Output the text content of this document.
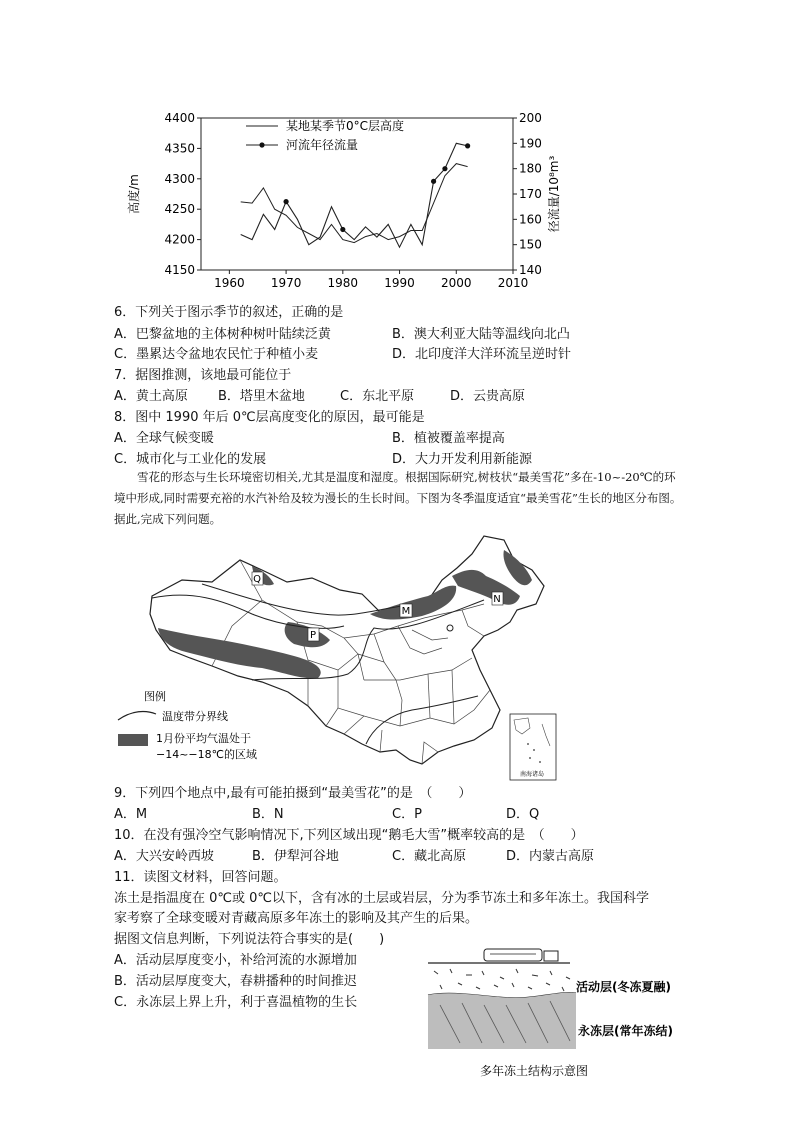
4400
4350
4300
4250
4200
4150
200
190
180
170
160
150
140
1960 1970 1980 1990 2000 2010
高度/m	径流量/10⁸m³
某地某季节0°C层高度
河流年径流量
6．下列关于图示季节的叙述，正确的是
A．巴黎盆地的主体树种树叶陆续泛黄	B．澳大利亚大陆等温线向北凸
C．墨累达令盆地农民忙于种植小麦	D．北印度洋大洋环流呈逆时针
7．据图推测，该地最可能位于
A．黄土高原 B．塔里木盆地	C．东北平原	D．云贵高原
8．图中 1990 年后 0℃层高度变化的原因，最可能是
A．全球气候变暖	B．植被覆盖率提高
C．城市化与工业化的发展	D．大力开发利用新能源
雪花的形态与生长环境密切相关,尤其是温度和湿度。根据国际研究,树枝状“最美雪花”多在-10~-20℃的环境中形成,同时需要充裕的水汽补给及较为漫长的生长时间。下图为冬季温度适宜“最美雪花”生长的地区分布图。据此,完成下列问题。
M
N
P
Q
图例
温度带分界线
1月份平均气温处于
−14~−18℃的区域
南海诸岛
9．下列四个地点中,最有可能拍摄到“最美雪花”的是　（　　）
A．M	B．N	C．P	D．Q
10．在没有强冷空气影响情况下,下列区域出现“鹅毛大雪”概率较高的是　（　　）
A．大兴安岭西坡	B．伊犁河谷地	C．藏北高原	D．内蒙古高原
11．读图文材料，回答问题。
冻土是指温度在 0℃或 0℃以下，含有冰的土层或岩层，分为季节冻土和多年冻土。我国科学
家考察了全球变暖对青藏高原多年冻土的影响及其产生的后果。
据图文信息判断，下列说法符合事实的是(　　)
A．活动层厚度变小，补给河流的水源增加
B．活动层厚度变大，春耕播种的时间推迟
C．永冻层上界上升，利于喜温植物的生长
活动层(冬冻夏融)
永冻层(常年冻结)
多年冻土结构示意图
